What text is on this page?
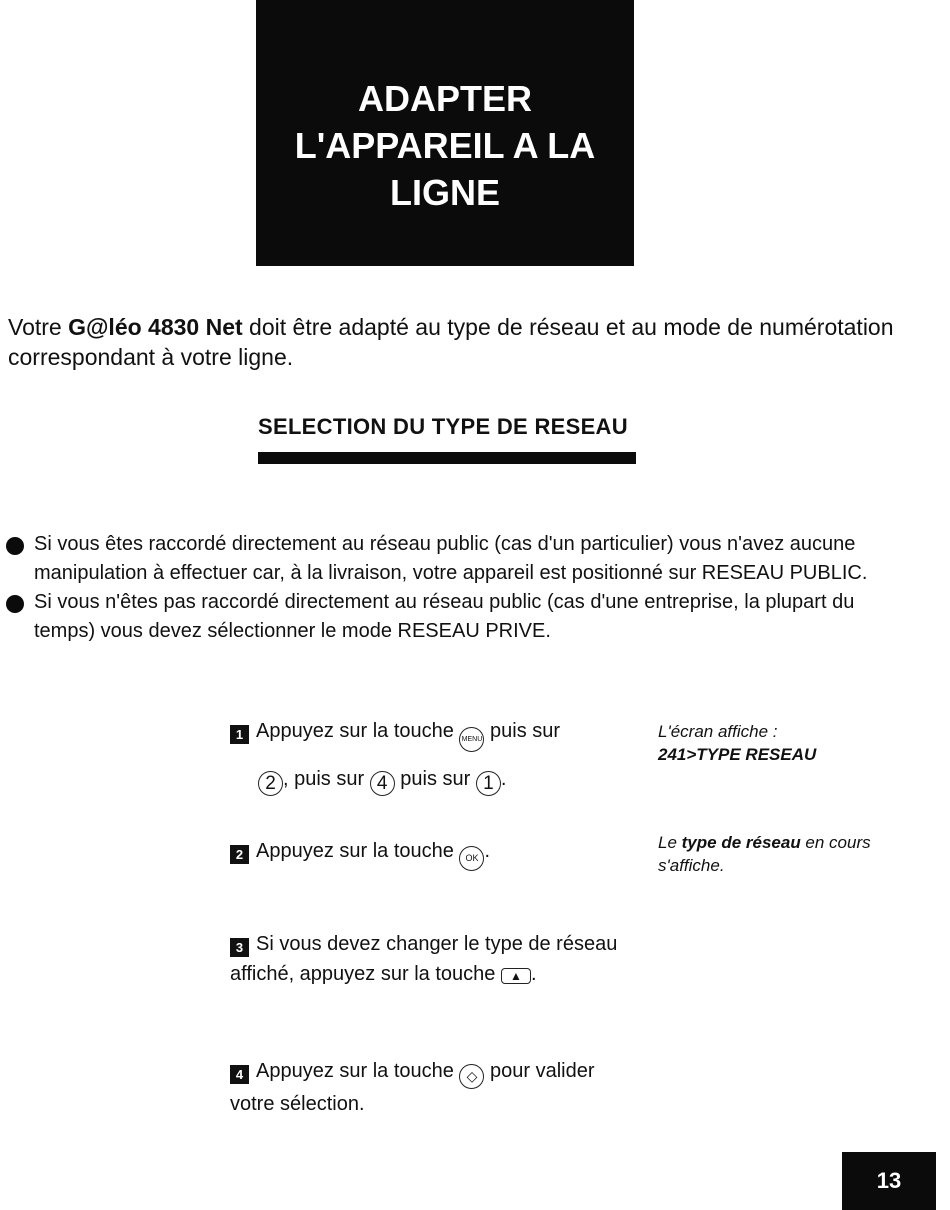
ADAPTER
L'APPAREIL A LA
LIGNE

Votre G@léo 4830 Net doit être adapté au type de réseau et au mode de numérotation correspondant à votre ligne.

SELECTION DU TYPE DE RESEAU
Si vous êtes raccordé directement au réseau public (cas d'un particulier) vous n'avez aucune manipulation à effectuer car, à la livraison, votre appareil est positionné sur RESEAU PUBLIC.
Si vous n'êtes pas raccordé directement au réseau public (cas d'une entreprise, la plupart du temps) vous devez sélectionner le mode RESEAU PRIVE.
1 Appuyez sur la touche MENU puis sur
2 , puis sur 4 puis sur 1 .
L'écran affiche :
241>TYPE RESEAU
2 Appuyez sur la touche OK .	Le type de réseau en cours s'affiche.
3 Si vous devez changer le type de réseau affiché, appuyez sur la touche ▲ .
4 Appuyez sur la touche ◇ pour valider votre sélection.
13
